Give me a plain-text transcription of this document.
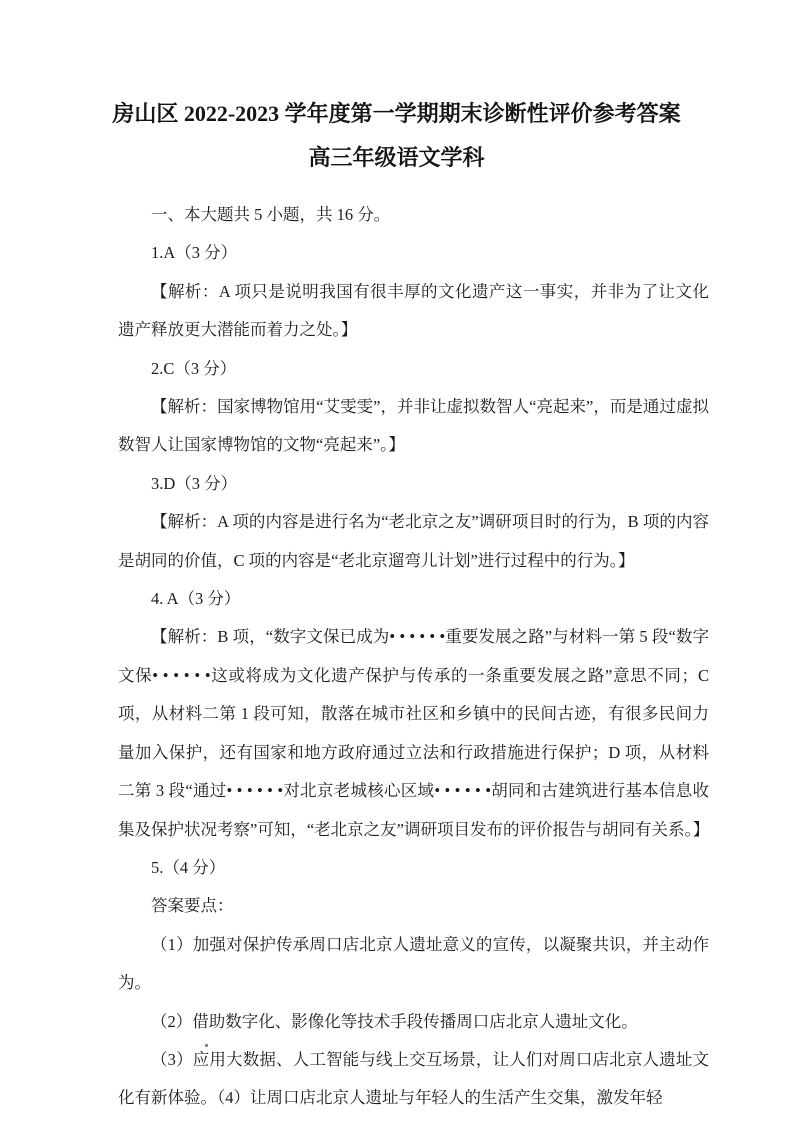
房山区 2022-2023 学年度第一学期期末诊断性评价参考答案
高三年级语文学科

一、本大题共 5 小题，共 16 分。

1.A（3 分）

【解析：A 项只是说明我国有很丰厚的文化遗产这一事实，并非为了让文化遗产释放更大潜能而着力之处。】

2.C（3 分）

【解析：国家博物馆用“艾雯雯”，并非让虚拟数智人“亮起来”，而是通过虚拟数智人让国家博物馆的文物“亮起来”。】

3.D（3 分）

【解析：A 项的内容是进行名为“老北京之友”调研项目时的行为，B 项的内容是胡同的价值，C 项的内容是“老北京遛弯儿计划”进行过程中的行为。】

4. A（3 分）

【解析：B 项，“数字文保已成为• • • • • •重要发展之路”与材料一第 5 段“数字文保• • • • • •这或将成为文化遗产保护与传承的一条重要发展之路”意思不同；C 项，从材料二第 1 段可知，散落在城市社区和乡镇中的民间古迹，有很多民间力量加入保护，还有国家和地方政府通过立法和行政措施进行保护；D 项，从材料二第 3 段“通过• • • • • •对北京老城核心区域• • • • • •胡同和古建筑进行基本信息收集及保护状况考察”可知，“老北京之友”调研项目发布的评价报告与胡同有关系。】

5.（4 分）

答案要点：

（1）加强对保护传承周口店北京人遗址意义的宣传，以凝聚共识，并主动作为。

（2）借助数字化、影像化等技术手段传播周口店北京人遗址文化。

（3）应用大数据、人工智能与线上交互场景，让人们对周口店北京人遗址文化有新体验。（4）让周口店北京人遗址与年轻人的生活产生交集，激发年轻
